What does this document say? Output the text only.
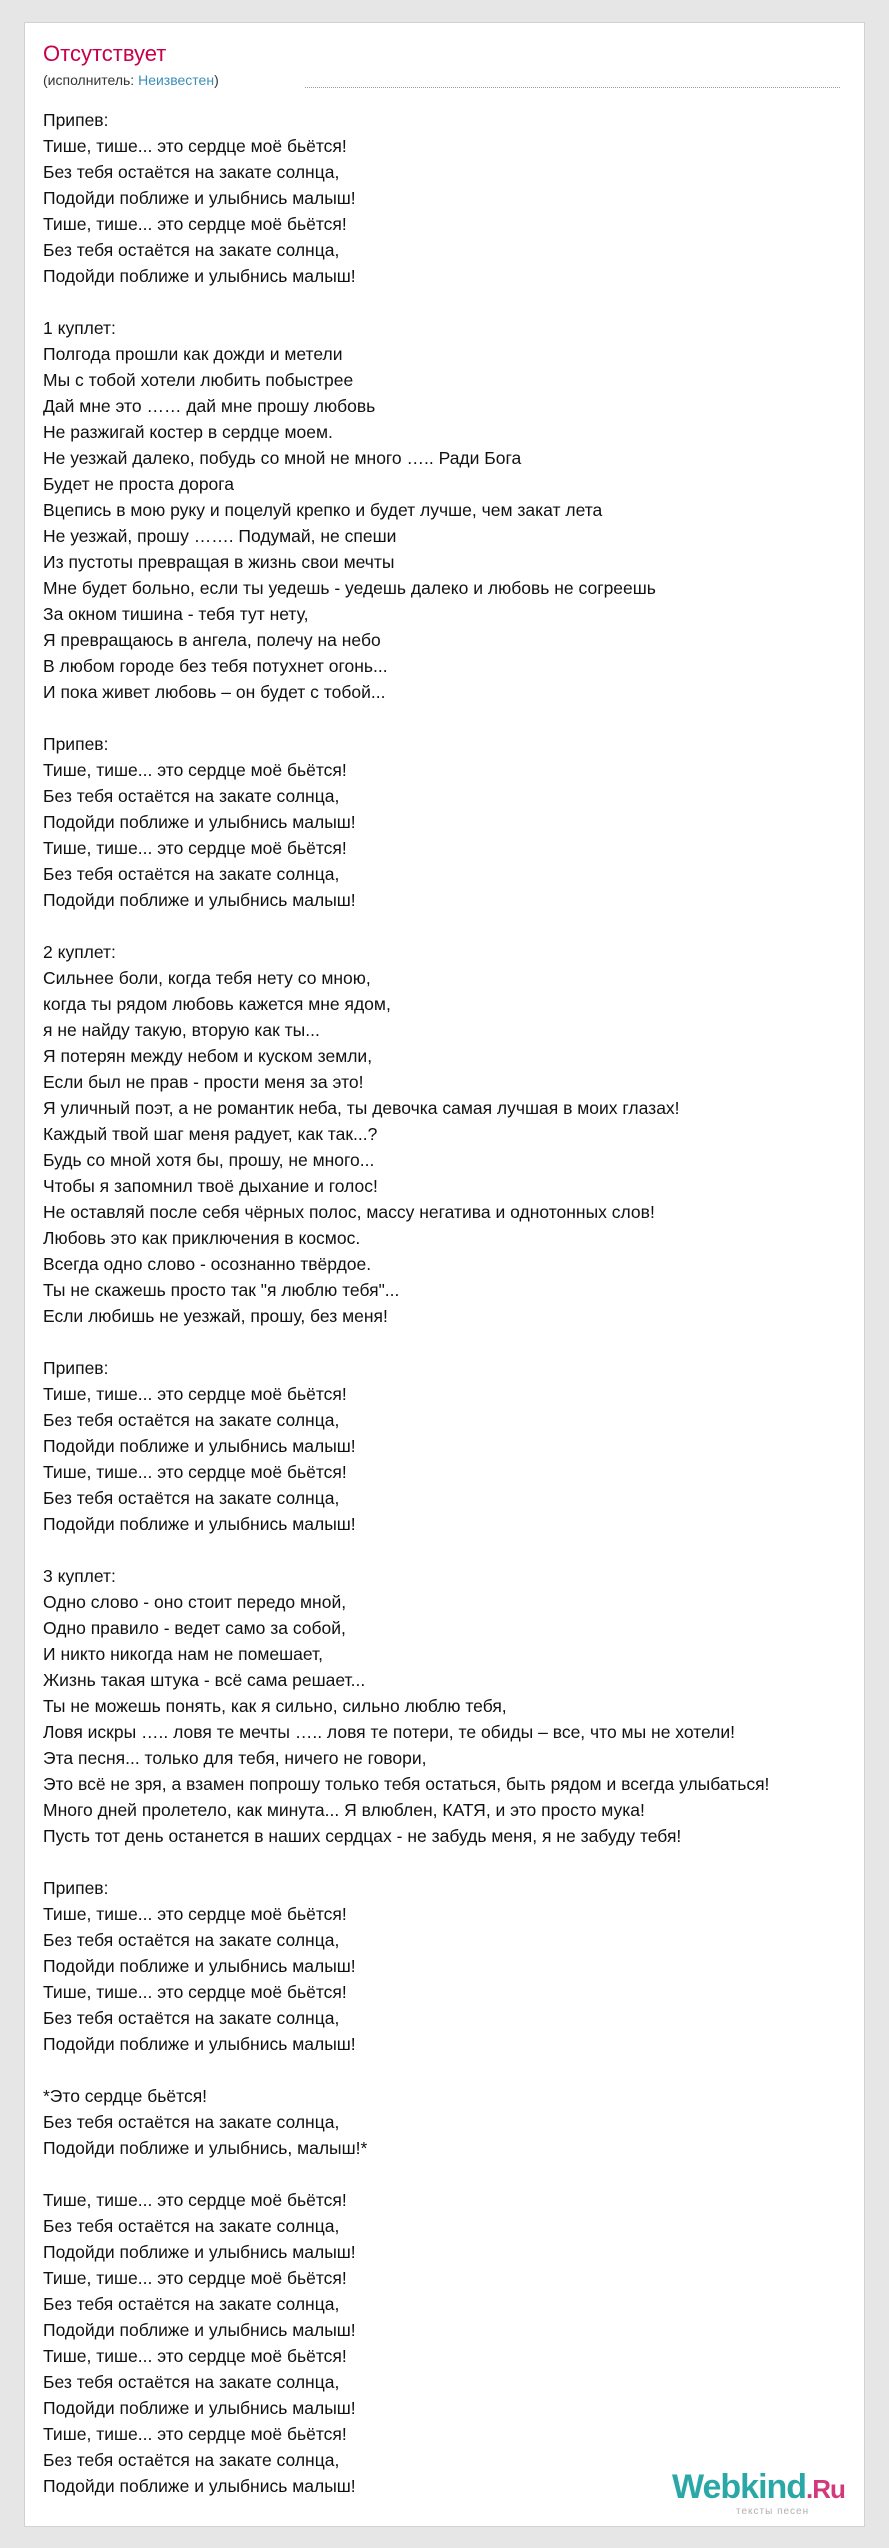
Отсутствует
(исполнитель: Неизвестен)
Припев:
Тише, тише... это сердце моё бьётся!
Без тебя остаётся на закате солнца,
Подойди поближе и улыбнись малыш!
Тише, тише... это сердце моё бьётся!
Без тебя остаётся на закате солнца,
Подойди поближе и улыбнись малыш!
1 куплет:
Полгода прошли как дожди и метели
Мы с тобой хотели любить побыстрее
Дай мне это …… дай мне прошу любовь
Не разжигай костер в сердце моем.
Не уезжай далеко, побудь со мной не много ….. Ради Бога
Будет не проста дорога
Вцепись в мою руку и поцелуй крепко и будет лучше, чем закат лета
Не уезжай, прошу ……. Подумай, не спеши
Из пустоты превращая в жизнь свои мечты
Мне будет больно, если ты уедешь - уедешь далеко и любовь не согреешь
За окном тишина - тебя тут нету,
Я превращаюсь в ангела, полечу на небо
В любом городе без тебя потухнет огонь...
И пока живет любовь – он будет с тобой...
Припев:
Тише, тише... это сердце моё бьётся!
Без тебя остаётся на закате солнца,
Подойди поближе и улыбнись малыш!
Тише, тише... это сердце моё бьётся!
Без тебя остаётся на закате солнца,
Подойди поближе и улыбнись малыш!
2 куплет:
Сильнее боли, когда тебя нету со мною,
когда ты рядом любовь кажется мне ядом,
я не найду такую, вторую как ты...
Я потерян между небом и куском земли,
Если был не прав - прости меня за это!
Я уличный поэт, а не романтик неба, ты девочка самая лучшая в моих глазах!
Каждый твой шаг меня радует, как так...?
Будь со мной хотя бы, прошу, не много...
Чтобы я запомнил твоё дыхание и голос!
Не оставляй после себя чёрных полос, массу негатива и однотонных слов!
Любовь это как приключения в космос.
Всегда одно слово - осознанно твёрдое.
Ты не скажешь просто так "я люблю тебя"...
Если любишь не уезжай, прошу, без меня!
Припев:
Тише, тише... это сердце моё бьётся!
Без тебя остаётся на закате солнца,
Подойди поближе и улыбнись малыш!
Тише, тише... это сердце моё бьётся!
Без тебя остаётся на закате солнца,
Подойди поближе и улыбнись малыш!
3 куплет:
Одно слово - оно стоит передо мной,
Одно правило - ведет само за собой,
И никто никогда нам не помешает,
Жизнь такая штука - всё сама решает...
Ты не можешь понять, как я сильно, сильно люблю тебя,
Ловя искры ….. ловя те мечты ….. ловя те потери, те обиды – все, что мы не хотели!
Эта песня... только для тебя, ничего не говори,
Это всё не зря, а взамен попрошу только тебя остаться, быть рядом и всегда улыбаться!
Много дней пролетело, как минута... Я влюблен, КАТЯ, и это просто мука!
Пусть тот день останется в наших сердцах - не забудь меня, я не забуду тебя!
Припев:
Тише, тише... это сердце моё бьётся!
Без тебя остаётся на закате солнца,
Подойди поближе и улыбнись малыш!
Тише, тише... это сердце моё бьётся!
Без тебя остаётся на закате солнца,
Подойди поближе и улыбнись малыш!
*Это сердце бьётся!
Без тебя остаётся на закате солнца,
Подойди поближе и улыбнись, малыш!*
Тише, тише... это сердце моё бьётся!
Без тебя остаётся на закате солнца,
Подойди поближе и улыбнись малыш!
Тише, тише... это сердце моё бьётся!
Без тебя остаётся на закате солнца,
Подойди поближе и улыбнись малыш!
Тише, тише... это сердце моё бьётся!
Без тебя остаётся на закате солнца,
Подойди поближе и улыбнись малыш!
Тише, тише... это сердце моё бьётся!
Без тебя остаётся на закате солнца,
Подойди поближе и улыбнись малыш!	Webkind.Ru
тексты песен
